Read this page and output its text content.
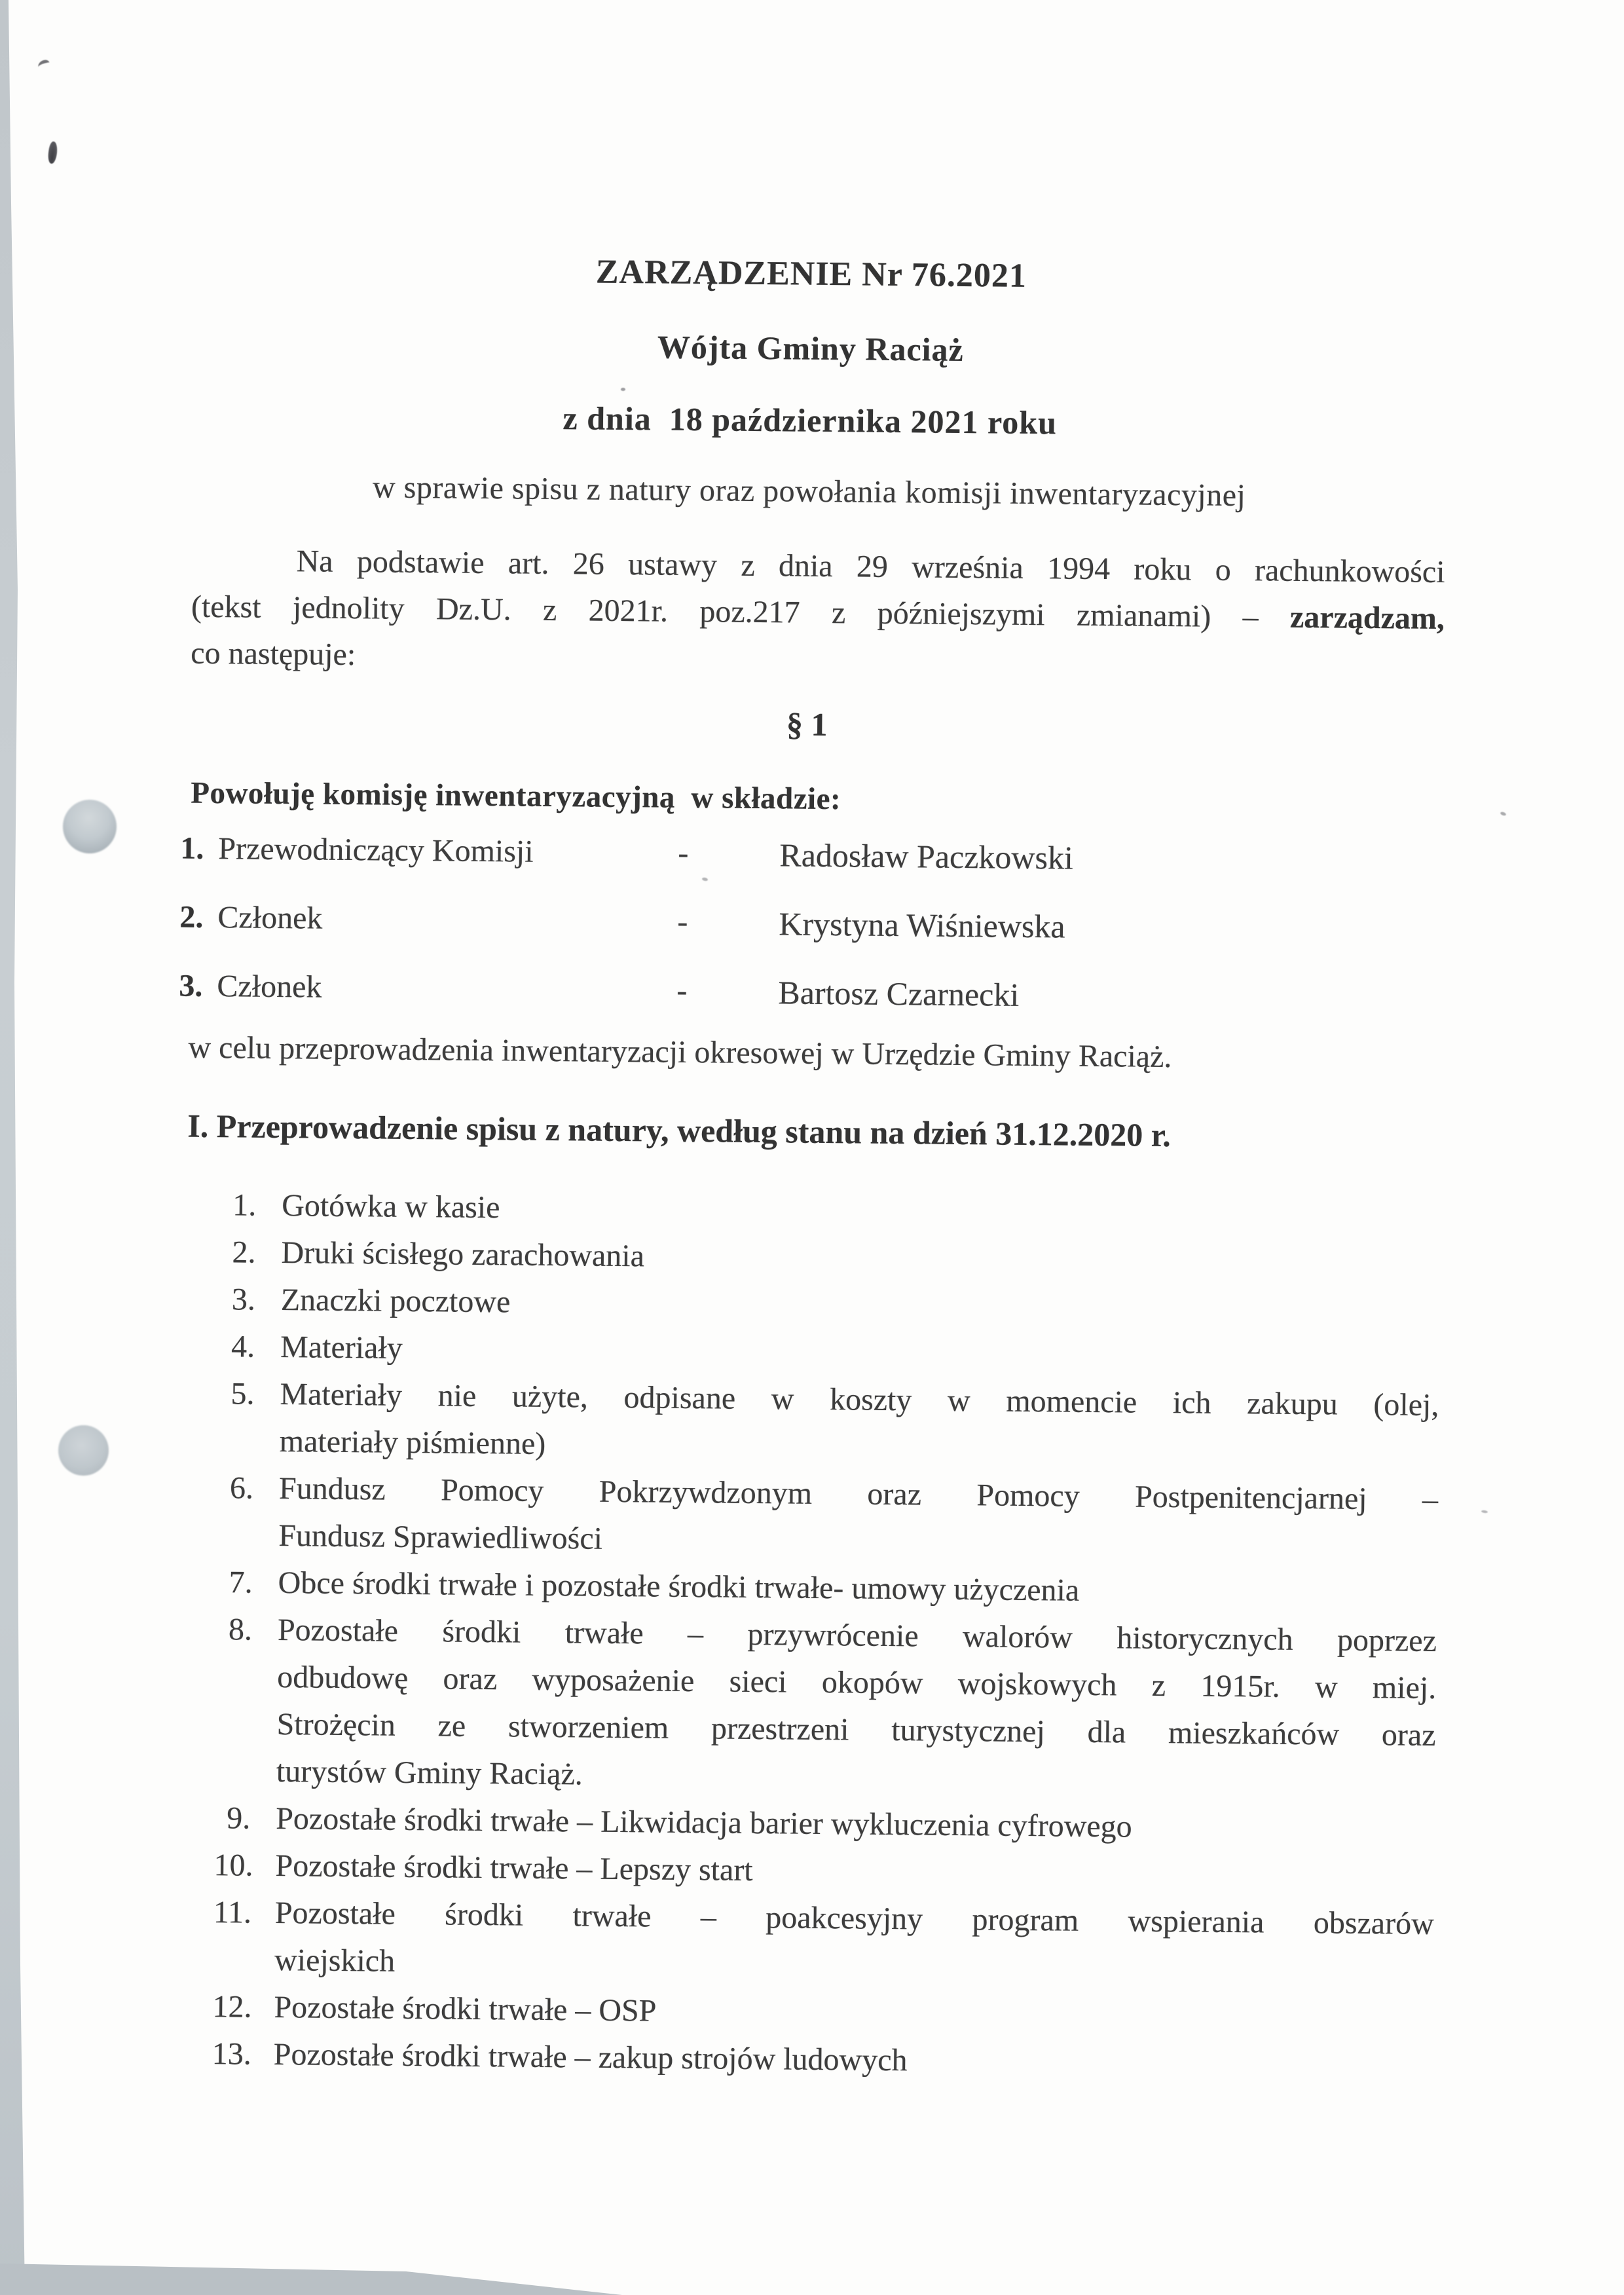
ZARZĄDZENIE Nr 76.2021
Wójta Gminy Raciąż
z dnia  18 października 2021 roku
w sprawie spisu z natury oraz powołania komisji inwentaryzacyjnej
Na podstawie art. 26 ustawy z dnia 29 września 1994 roku o rachunkowości
(tekst jednolity Dz.U. z 2021r. poz.217 z późniejszymi zmianami) – zarządzam,
co następuje:
§ 1
Powołuję komisję inwentaryzacyjną  w składzie:
1. Przewodniczący Komisji	-	Radosław Paczkowski
2. Członek	-	Krystyna Wiśniewska
3. Członek	-	Bartosz Czarnecki
w celu przeprowadzenia inwentaryzacji okresowej w Urzędzie Gminy Raciąż.
I. Przeprowadzenie spisu z natury, według stanu na dzień 31.12.2020 r.
1. Gotówka w kasie
2. Druki ścisłego zarachowania
3. Znaczki pocztowe
4. Materiały
5. Materiały nie użyte, odpisane w koszty w momencie ich zakupu (olej,
materiały piśmienne)
6. Fundusz Pomocy Pokrzywdzonym oraz Pomocy Postpenitencjarnej –
Fundusz Sprawiedliwości
7. Obce środki trwałe i pozostałe środki trwałe- umowy użyczenia
8. Pozostałe środki trwałe – przywrócenie walorów historycznych poprzez
odbudowę oraz wyposażenie sieci okopów wojskowych z 1915r. w miej.
Strożęcin ze stworzeniem przestrzeni turystycznej dla mieszkańców oraz
turystów Gminy Raciąż.
9. Pozostałe środki trwałe – Likwidacja barier wykluczenia cyfrowego
10. Pozostałe środki trwałe – Lepszy start
11. Pozostałe środki trwałe – poakcesyjny program wspierania obszarów
wiejskich
12. Pozostałe środki trwałe – OSP
13. Pozostałe środki trwałe – zakup strojów ludowych
